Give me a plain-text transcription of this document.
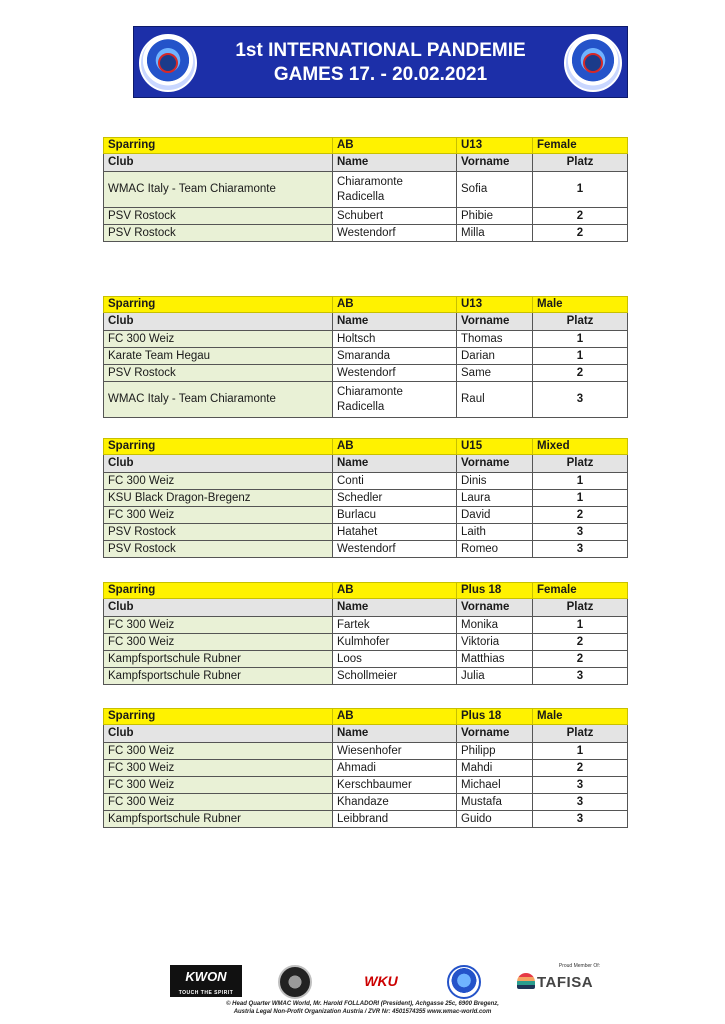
1st INTERNATIONAL PANDEMIE
GAMES 17. - 20.02.2021
Sparring	AB	U13	Female
Club	Name	Vorname	Platz
WMAC Italy - Team Chiaramonte	Chiaramonte Radicella	Sofia	1
PSV Rostock	Schubert	Phibie	2
PSV Rostock	Westendorf	Milla	2
Sparring	AB	U13	Male
Club	Name	Vorname	Platz
FC 300 Weiz	Holtsch	Thomas	1
Karate Team Hegau	Smaranda	Darian	1
PSV Rostock	Westendorf	Same	2
WMAC Italy - Team Chiaramonte	Chiaramonte Radicella	Raul	3
Sparring	AB	U15	Mixed
Club	Name	Vorname	Platz
FC 300 Weiz	Conti	Dinis	1
KSU Black Dragon-Bregenz	Schedler	Laura	1
FC 300 Weiz	Burlacu	David	2
PSV Rostock	Hatahet	Laith	3
PSV Rostock	Westendorf	Romeo	3
Sparring	AB	Plus 18	Female
Club	Name	Vorname	Platz
FC 300 Weiz	Fartek	Monika	1
FC 300 Weiz	Kulmhofer	Viktoria	2
Kampfsportschule Rubner	Loos	Matthias	2
Kampfsportschule Rubner	Schollmeier	Julia	3
Sparring	AB	Plus 18	Male
Club	Name	Vorname	Platz
FC 300 Weiz	Wiesenhofer	Philipp	1
FC 300 Weiz	Ahmadi	Mahdi	2
FC 300 Weiz	Kerschbaumer	Michael	3
FC 300 Weiz	Khandaze	Mustafa	3
Kampfsportschule Rubner	Leibbrand	Guido	3
KWON
TOUCH THE SPIRIT
WKU
Proud Member Of:
TAFISA
© Head Quarter WMAC World, Mr. Harold FOLLADORI (President), Achgasse 25c, 6900 Bregenz,
Austria Legal Non-Profit Organization Austria / ZVR Nr: 4501574355 www.wmac-world.com
